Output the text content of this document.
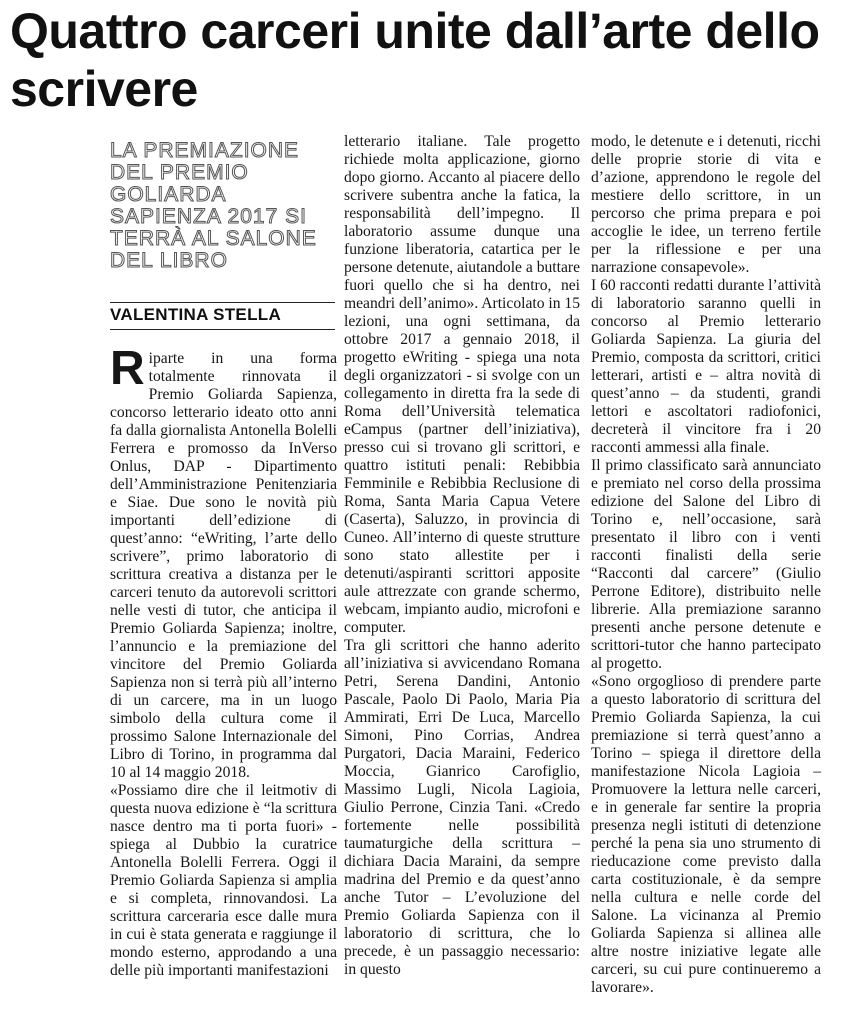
Quattro carceri unite dall’arte dello scrivere
LA PREMIAZIONE DEL PREMIO GOLIARDA SAPIENZA 2017 SI TERRÀ AL SALONE DEL LIBRO
VALENTINA STELLA

Riparte in una forma totalmente rinnovata il Premio Goliarda Sapienza, concorso letterario ideato otto anni fa dalla giornalista Antonella Bolelli Ferrera e promosso da InVerso Onlus, DAP - Dipartimento dell’Amministrazione Penitenziaria e Siae. Due sono le novità più importanti dell’edizione di quest’anno: “eWriting, l’arte dello scrivere”, primo laboratorio di scrittura creativa a distanza per le carceri tenuto da autorevoli scrittori nelle vesti di tutor, che anticipa il Premio Goliarda Sapienza; inoltre, l’annuncio e la premiazione del vincitore del Premio Goliarda Sapienza non si terrà più all’interno di un carcere, ma in un luogo simbolo della cultura come il prossimo Salone Internazionale del Libro di Torino, in programma dal 10 al 14 maggio 2018.

«Possiamo dire che il leitmotiv di questa nuova edizione è “la scrittura nasce dentro ma ti porta fuori» - spiega al Dubbio la curatrice Antonella Bolelli Ferrera. Oggi il Premio Goliarda Sapienza si amplia e si completa, rinnovandosi. La scrittura carceraria esce dalle mura in cui è stata generata e raggiunge il mondo esterno, approdando a una delle più importanti manifestazioni

letterario italiane. Tale progetto richiede molta applicazione, giorno dopo giorno. Accanto al piacere dello scrivere subentra anche la fatica, la responsabilità dell’impegno. Il laboratorio assume dunque una funzione liberatoria, catartica per le persone detenute, aiutandole a buttare fuori quello che si ha dentro, nei meandri dell’animo». Articolato in 15 lezioni, una ogni settimana, da ottobre 2017 a gennaio 2018, il progetto eWriting - spiega una nota degli organizzatori - si svolge con un collegamento in diretta fra la sede di Roma dell’Università telematica eCampus (partner dell’iniziativa), presso cui si trovano gli scrittori, e quattro istituti penali: Rebibbia Femminile e Rebibbia Reclusione di Roma, Santa Maria Capua Vetere (Caserta), Saluzzo, in provincia di Cuneo. All’interno di queste strutture sono stato allestite per i detenuti/aspiranti scrittori apposite aule attrezzate con grande schermo, webcam, impianto audio, microfoni e computer.

Tra gli scrittori che hanno aderito all’iniziativa si avvicendano Romana Petri, Serena Dandini, Antonio Pascale, Paolo Di Paolo, Maria Pia Ammirati, Erri De Luca, Marcello Simoni, Pino Corrias, Andrea Purgatori, Dacia Maraini, Federico Moccia, Gianrico Carofiglio, Massimo Lugli, Nicola Lagioia, Giulio Perrone, Cinzia Tani. «Credo fortemente nelle possibilità taumaturgiche della scrittura – dichiara Dacia Maraini, da sempre madrina del Premio e da quest’anno anche Tutor – L’evoluzione del Premio Goliarda Sapienza con il laboratorio di scrittura, che lo precede, è un passaggio necessario: in questo

modo, le detenute e i detenuti, ricchi delle proprie storie di vita e d’azione, apprendono le regole del mestiere dello scrittore, in un percorso che prima prepara e poi accoglie le idee, un terreno fertile per la riflessione e per una narrazione consapevole».

I 60 racconti redatti durante l’attività di laboratorio saranno quelli in concorso al Premio letterario Goliarda Sapienza. La giuria del Premio, composta da scrittori, critici letterari, artisti e – altra novità di quest’anno – da studenti, grandi lettori e ascoltatori radiofonici, decreterà il vincitore fra i 20 racconti ammessi alla finale.

Il primo classificato sarà annunciato e premiato nel corso della prossima edizione del Salone del Libro di Torino e, nell’occasione, sarà presentato il libro con i venti racconti finalisti della serie “Racconti dal carcere” (Giulio Perrone Editore), distribuito nelle librerie. Alla premiazione saranno presenti anche persone detenute e scrittori-tutor che hanno partecipato al progetto.

«Sono orgoglioso di prendere parte a questo laboratorio di scrittura del Premio Goliarda Sapienza, la cui premiazione si terrà quest’anno a Torino – spiega il direttore della manifestazione Nicola Lagioia – Promuovere la lettura nelle carceri, e in generale far sentire la propria presenza negli istituti di detenzione perché la pena sia uno strumento di rieducazione come previsto dalla carta costituzionale, è da sempre nella cultura e nelle corde del Salone. La vicinanza al Premio Goliarda Sapienza si allinea alle altre nostre iniziative legate alle carceri, su cui pure continueremo a lavorare».
